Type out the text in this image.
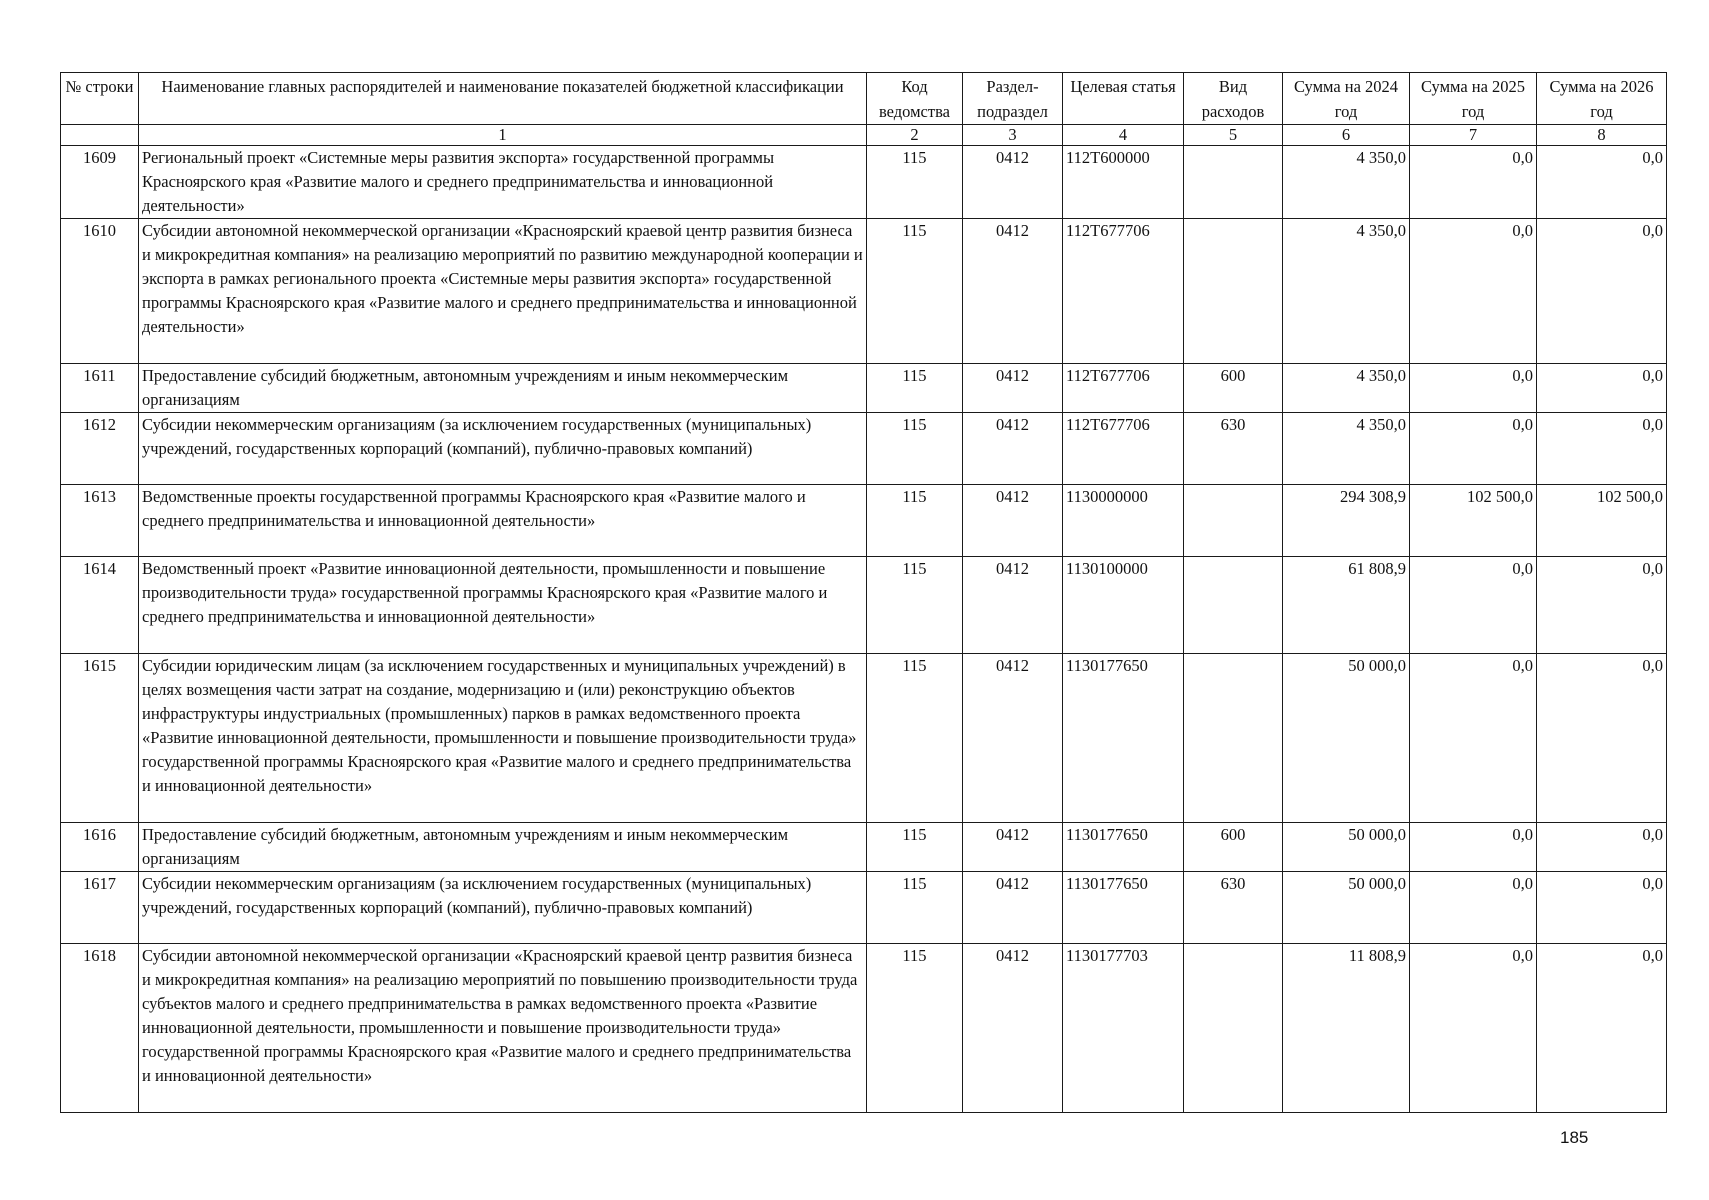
№ строки	Наименование главных распорядителей и наименование показателей бюджетной классификации	Код ведомства	Раздел-подраздел	Целевая статья	Вид расходов	Сумма на 2024 год	Сумма на 2025 год	Сумма на 2026 год
	1	2	3	4	5	6	7	8
1609	Региональный проект «Системные меры развития экспорта» государственной программы Красноярского края «Развитие малого и среднего предпринимательства и инновационной деятельности»	115	0412	112T600000		4 350,0	0,0	0,0
1610	Субсидии автономной некоммерческой организации «Красноярский краевой центр развития бизнеса и микрокредитная компания» на реализацию мероприятий по развитию международной кооперации и экспорта в рамках регионального проекта «Системные меры развития экспорта» государственной программы Красноярского края «Развитие малого и среднего предпринимательства и инновационной деятельности»	115	0412	112T677706		4 350,0	0,0	0,0
1611	Предоставление субсидий бюджетным, автономным учреждениям и иным некоммерческим организациям	115	0412	112T677706	600	4 350,0	0,0	0,0
1612	Субсидии некоммерческим организациям (за исключением государственных (муниципальных) учреждений, государственных корпораций (компаний), публично-правовых компаний)	115	0412	112T677706	630	4 350,0	0,0	0,0
1613	Ведомственные проекты государственной программы Красноярского края «Развитие малого и среднего предпринимательства и инновационной деятельности»	115	0412	1130000000		294 308,9	102 500,0	102 500,0
1614	Ведомственный проект «Развитие инновационной деятельности, промышленности и повышение производительности труда» государственной программы Красноярского края «Развитие малого и среднего предпринимательства и инновационной деятельности»	115	0412	1130100000		61 808,9	0,0	0,0
1615	Субсидии юридическим лицам (за исключением государственных и муниципальных учреждений) в целях возмещения части затрат на создание, модернизацию и (или) реконструкцию объектов инфраструктуры индустриальных (промышленных) парков в рамках ведомственного проекта «Развитие инновационной деятельности, промышленности и повышение производительности труда» государственной программы Красноярского края «Развитие малого и среднего предпринимательства и инновационной деятельности»	115	0412	1130177650		50 000,0	0,0	0,0
1616	Предоставление субсидий бюджетным, автономным учреждениям и иным некоммерческим организациям	115	0412	1130177650	600	50 000,0	0,0	0,0
1617	Субсидии некоммерческим организациям (за исключением государственных (муниципальных) учреждений, государственных корпораций (компаний), публично-правовых компаний)	115	0412	1130177650	630	50 000,0	0,0	0,0
1618	Субсидии автономной некоммерческой организации «Красноярский краевой центр развития бизнеса и микрокредитная компания» на реализацию мероприятий по повышению производительности труда субъектов малого и среднего предпринимательства в рамках ведомственного проекта «Развитие инновационной деятельности, промышленности и повышение производительности труда» государственной программы Красноярского края «Развитие малого и среднего предпринимательства и инновационной деятельности»	115	0412	1130177703		11 808,9	0,0	0,0
185
